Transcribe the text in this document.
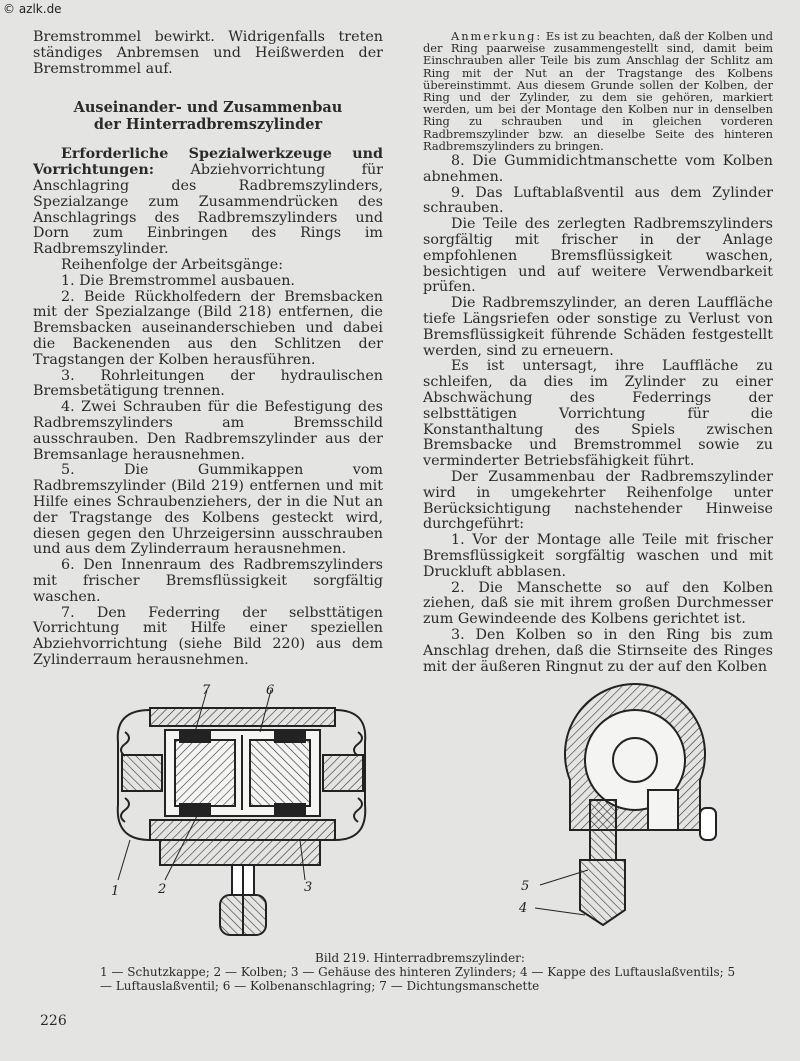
© azlk.de

Bremstrommel bewirkt. Widrigenfalls treten ständiges Anbremsen und Heißwerden der Bremstrommel auf.

Auseinander- und Zusammenbau
der Hinterradbremszylinder

Erforderliche Spezialwerkzeuge und Vorrichtungen:	Abziehvorrichtung für Anschlagring des Radbremszylinders, Spezialzange zum Zusammendrücken des Anschlagrings des Radbremszylinders und Dorn zum Einbringen des Rings im Radbremszylinder.

Reihenfolge der Arbeitsgänge:

1. Die Bremstrommel ausbauen.

2. Beide Rückholfedern der Bremsbacken mit der Spezialzange (Bild 218) entfernen, die Bremsbacken auseinanderschieben und dabei die Backenenden aus den Schlitzen der Tragstangen der Kolben herausführen.

3. Rohrleitungen der hydraulischen Bremsbetätigung trennen.

4. Zwei Schrauben für die Befestigung des Radbremszylinders am Bremsschild ausschrauben. Den Radbremszylinder aus der Bremsanlage herausnehmen.

5. Die Gummikappen vom Radbremszylinder (Bild 219) entfernen und mit Hilfe eines Schraubenziehers, der in die Nut an der Tragstange des Kolbens gesteckt wird, diesen gegen den Uhrzeigersinn ausschrauben und aus dem Zylinderraum herausnehmen.

6. Den Innenraum des Radbremszylinders mit frischer Bremsflüssigkeit sorgfältig waschen.

7. Den Federring der selbsttätigen Vorrichtung mit Hilfe einer speziellen Abziehvorrichtung (siehe Bild 220) aus dem Zylinderraum herausnehmen.

Anmerkung: Es ist zu beachten, daß der Kolben und der Ring paarweise zusammengestellt sind, damit beim Einschrauben aller Teile bis zum Anschlag der Schlitz am Ring mit der Nut an der Tragstange des Kolbens übereinstimmt. Aus diesem Grunde sollen der Kolben, der Ring und der Zylinder, zu dem sie gehören, markiert werden, um bei der Montage den Kolben nur in denselben Ring zu schrauben und in gleichen vorderen Radbremszylinder bzw. an dieselbe Seite des hinteren Radbremszylinders zu bringen.

8. Die Gummidichtmanschette vom Kolben abnehmen.

9. Das Luftablaßventil aus dem Zylinder schrauben.

Die Teile des zerlegten Radbremszylinders sorgfältig mit frischer in der Anlage empfohlenen Bremsflüssigkeit waschen, besichtigen und auf weitere Verwendbarkeit prüfen.

Die Radbremszylinder, an deren Lauffläche tiefe Längsriefen oder sonstige zu Verlust von Bremsflüssigkeit führende Schäden festgestellt werden, sind zu erneuern.

Es ist untersagt, ihre Lauffläche zu schleifen, da dies im Zylinder zu einer Abschwächung des Federrings der selbsttätigen Vorrichtung für die Konstanthaltung des Spiels zwischen Bremsbacke und Bremstrommel sowie zu verminderter Betriebsfähigkeit führt.

Der Zusammenbau der Radbremszylinder wird in umgekehrter Reihenfolge unter Berücksichtigung nachstehender Hinweise durchgeführt:

1. Vor der Montage alle Teile mit frischer Bremsflüssigkeit sorgfältig waschen und mit Druckluft abblasen.

2. Die Manschette so auf den Kolben ziehen, daß sie mit ihrem großen Durchmesser zum Gewindeende des Kolbens gerichtet ist.

3. Den Kolben so in den Ring bis zum Anschlag drehen, daß die Stirnseite des Ringes mit der äußeren Ringnut zu der auf den Kolben

7	6
1	2	3	5
4
Bild 219. Hinterradbremszylinder:
1 — Schutzkappe; 2 — Kolben; 3 — Gehäuse des hinteren Zylinders; 4 — Kappe des Luftauslaßventils; 5 — Luftauslaßventil; 6 — Kolbenanschlagring; 7 — Dichtungsmanschette
226
